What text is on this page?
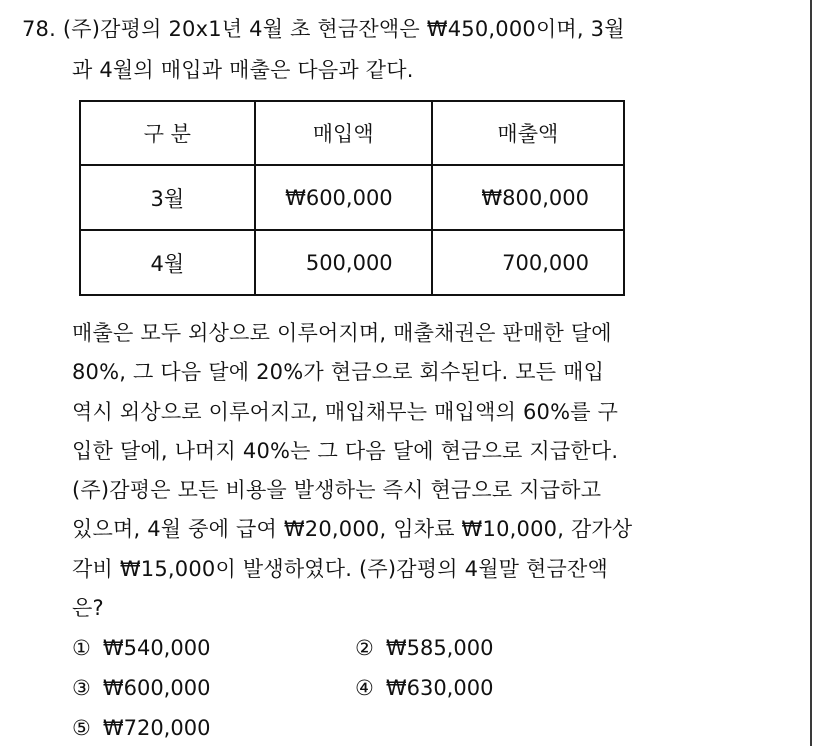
78. (주)감평의 20x1년 4월 초 현금잔액은 ₩450,000이며, 3월
과 4월의 매입과 매출은 다음과 같다.
구 분	매입액	매출액
3월	₩600,000	₩800,000
4월	500,000	700,000
매출은 모두 외상으로 이루어지며, 매출채권은 판매한 달에
80%, 그 다음 달에 20%가 현금으로 회수된다. 모든 매입
역시 외상으로 이루어지고, 매입채무는 매입액의 60%를 구
입한 달에, 나머지 40%는 그 다음 달에 현금으로 지급한다.
(주)감평은 모든 비용을 발생하는 즉시 현금으로 지급하고
있으며, 4월 중에 급여 ₩20,000, 임차료 ₩10,000, 감가상
각비 ₩15,000이 발생하였다. (주)감평의 4월말 현금잔액
은?
① ₩540,000	② ₩585,000
③ ₩600,000	④ ₩630,000
⑤ ₩720,000
